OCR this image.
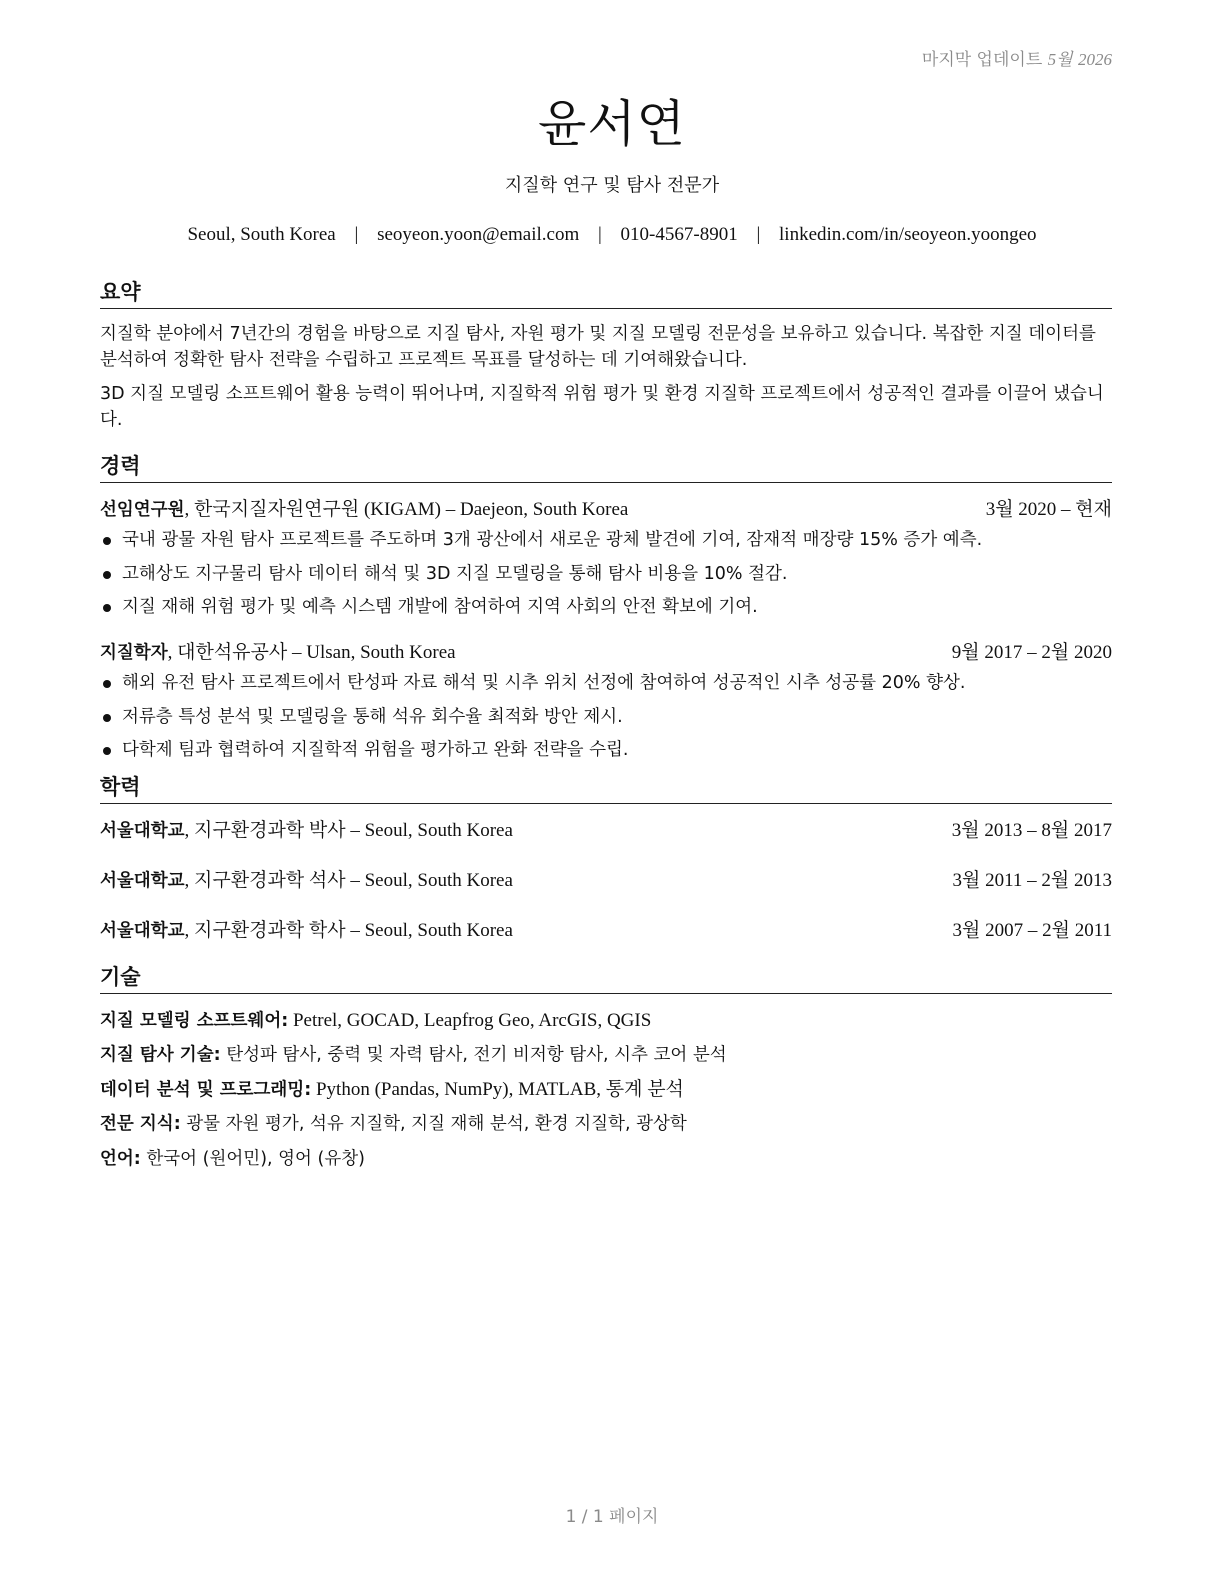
마지막 업데이트 5월 2026
윤서연
지질학 연구 및 탐사 전문가
Seoul, South Korea | seoyeon.yoon@email.com | 010-4567-8901 | linkedin.com/in/seoyeon.yoongeo
요약

지질학 분야에서 7년간의 경험을 바탕으로 지질 탐사, 자원 평가 및 지질 모델링 전문성을 보유하고 있습니다. 복잡한 지질 데이터를 분석하여 정확한 탐사 전략을 수립하고 프로젝트 목표를 달성하는 데 기여해왔습니다.

3D 지질 모델링 소프트웨어 활용 능력이 뛰어나며, 지질학적 위험 평가 및 환경 지질학 프로젝트에서 성공적인 결과를 이끌어 냈습니다.

경력
선임연구원, 한국지질자원연구원 (KIGAM) – Daejeon, South Korea	3월 2020 – 현재
국내 광물 자원 탐사 프로젝트를 주도하며 3개 광산에서 새로운 광체 발견에 기여, 잠재적 매장량 15% 증가 예측.
고해상도 지구물리 탐사 데이터 해석 및 3D 지질 모델링을 통해 탐사 비용을 10% 절감.
지질 재해 위험 평가 및 예측 시스템 개발에 참여하여 지역 사회의 안전 확보에 기여.
지질학자, 대한석유공사 – Ulsan, South Korea	9월 2017 – 2월 2020
해외 유전 탐사 프로젝트에서 탄성파 자료 해석 및 시추 위치 선정에 참여하여 성공적인 시추 성공률 20% 향상.
저류층 특성 분석 및 모델링을 통해 석유 회수율 최적화 방안 제시.
다학제 팀과 협력하여 지질학적 위험을 평가하고 완화 전략을 수립.
학력
서울대학교, 지구환경과학 박사 – Seoul, South Korea	3월 2013 – 8월 2017
서울대학교, 지구환경과학 석사 – Seoul, South Korea	3월 2011 – 2월 2013
서울대학교, 지구환경과학 학사 – Seoul, South Korea	3월 2007 – 2월 2011
기술
지질 모델링 소프트웨어: Petrel, GOCAD, Leapfrog Geo, ArcGIS, QGIS
지질 탐사 기술: 탄성파 탐사, 중력 및 자력 탐사, 전기 비저항 탐사, 시추 코어 분석
데이터 분석 및 프로그래밍: Python (Pandas, NumPy), MATLAB, 통계 분석
전문 지식: 광물 자원 평가, 석유 지질학, 지질 재해 분석, 환경 지질학, 광상학
언어: 한국어 (원어민), 영어 (유창)
1 / 1 페이지
